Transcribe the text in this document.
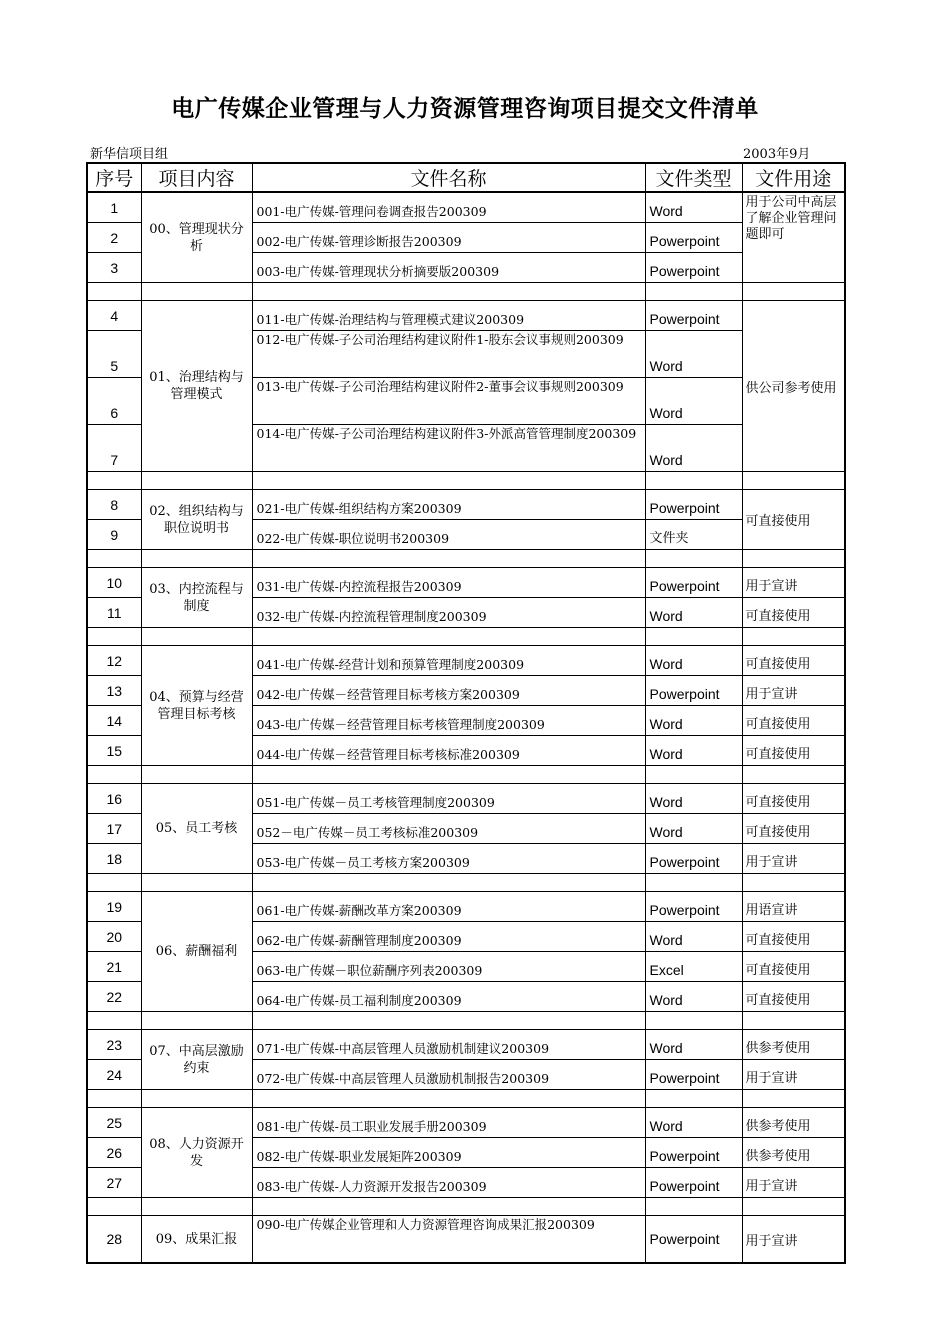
电广传媒企业管理与人力资源管理咨询项目提交文件清单
新华信项目组	2003年9月
序号	项目内容	文件名称	文件类型	文件用途
1	00、管理现状分析	001-电广传媒-管理问卷调查报告200309	Word	用于公司中高层了解企业管理问题即可
2		002-电广传媒-管理诊断报告200309	Powerpoint	
3		003-电广传媒-管理现状分析摘要版200309	Powerpoint	

4	01、治理结构与管理模式	011-电广传媒-治理结构与管理模式建议200309	Powerpoint	供公司参考使用
5		012-电广传媒-子公司治理结构建议附件1-股东会议事规则200309	Word	
6		013-电广传媒-子公司治理结构建议附件2-董事会议事规则200309	Word	
7		014-电广传媒-子公司治理结构建议附件3-外派高管管理制度200309	Word	

8	02、组织结构与职位说明书	021-电广传媒-组织结构方案200309	Powerpoint	可直接使用
9		022-电广传媒-职位说明书200309	文件夹	

10	03、内控流程与制度	031-电广传媒-内控流程报告200309	Powerpoint	用于宣讲
11		032-电广传媒-内控流程管理制度200309	Word	可直接使用

12	04、预算与经营管理目标考核	041-电广传媒-经营计划和预算管理制度200309	Word	可直接使用
13		042-电广传媒－经营管理目标考核方案200309	Powerpoint	用于宣讲
14		043-电广传媒－经营管理目标考核管理制度200309	Word	可直接使用
15		044-电广传媒－经营管理目标考核标准200309	Word	可直接使用

16	05、员工考核	051-电广传媒－员工考核管理制度200309	Word	可直接使用
17		052－电广传媒－员工考核标准200309	Word	可直接使用
18		053-电广传媒－员工考核方案200309	Powerpoint	用于宣讲

19	06、薪酬福利	061-电广传媒-薪酬改革方案200309	Powerpoint	用语宣讲
20		062-电广传媒-薪酬管理制度200309	Word	可直接使用
21		063-电广传媒－职位薪酬序列表200309	Excel	可直接使用
22		064-电广传媒-员工福利制度200309	Word	可直接使用

23	07、中高层激励约束	071-电广传媒-中高层管理人员激励机制建议200309	Word	供参考使用
24		072-电广传媒-中高层管理人员激励机制报告200309	Powerpoint	用于宣讲

25	08、人力资源开发	081-电广传媒-员工职业发展手册200309	Word	供参考使用
26		082-电广传媒-职业发展矩阵200309	Powerpoint	供参考使用
27		083-电广传媒-人力资源开发报告200309	Powerpoint	用于宣讲

28	09、成果汇报	090-电广传媒企业管理和人力资源管理咨询成果汇报200309	Powerpoint	用于宣讲
